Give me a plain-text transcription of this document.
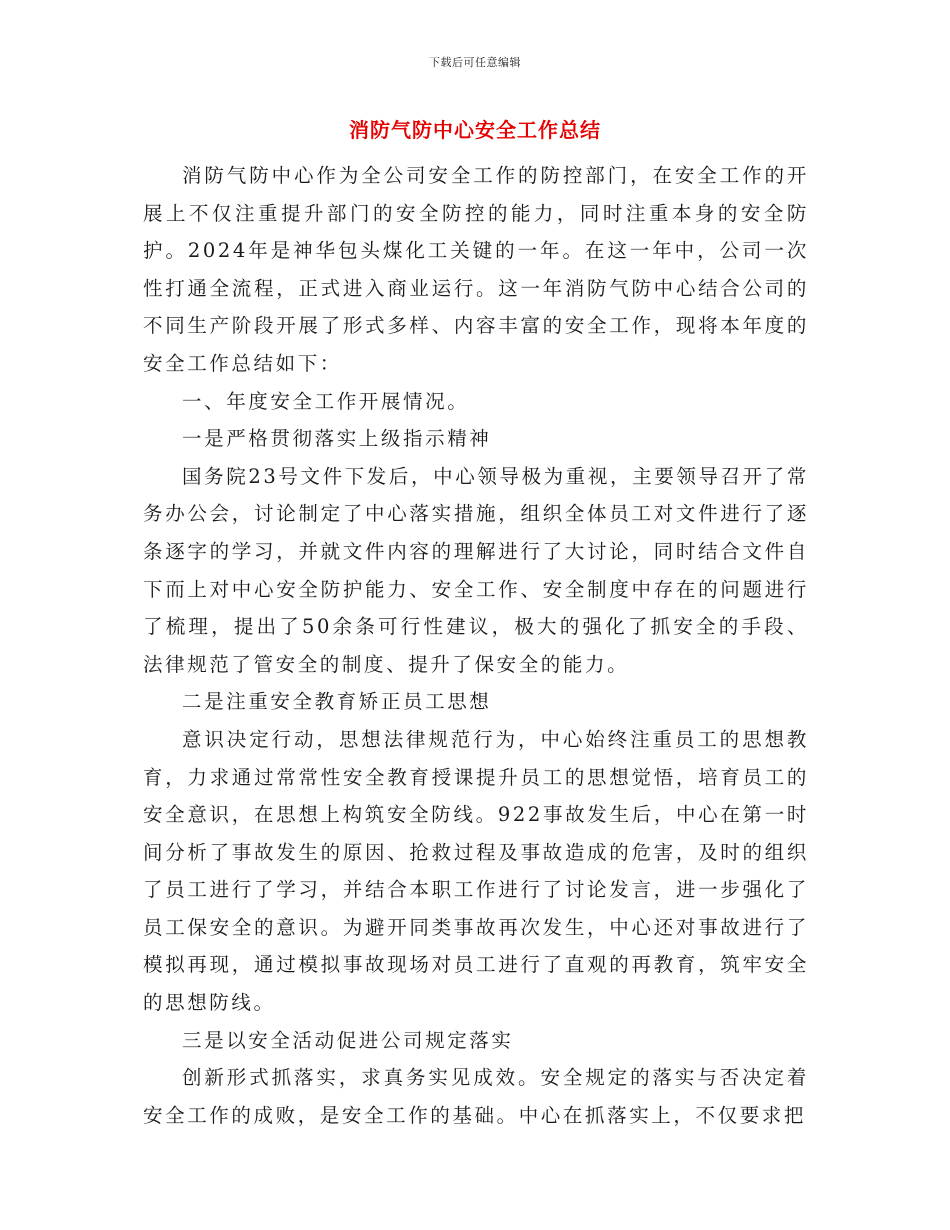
下载后可任意编辑
消防气防中心安全工作总结

消防气防中心作为全公司安全工作的防控部门，在安全工作的开展上不仅注重提升部门的安全防控的能力，同时注重本身的安全防护。2024年是神华包头煤化工关键的一年。在这一年中，公司一次性打通全流程，正式进入商业运行。这一年消防气防中心结合公司的不同生产阶段开展了形式多样、内容丰富的安全工作，现将本年度的安全工作总结如下：

一、年度安全工作开展情况。

一是严格贯彻落实上级指示精神

国务院23号文件下发后，中心领导极为重视，主要领导召开了常务办公会，讨论制定了中心落实措施，组织全体员工对文件进行了逐条逐字的学习，并就文件内容的理解进行了大讨论，同时结合文件自下而上对中心安全防护能力、安全工作、安全制度中存在的问题进行了梳理，提出了50余条可行性建议，极大的强化了抓安全的手段、法律规范了管安全的制度、提升了保安全的能力。

二是注重安全教育矫正员工思想

意识决定行动，思想法律规范行为，中心始终注重员工的思想教育，力求通过常常性安全教育授课提升员工的思想觉悟，培育员工的安全意识，在思想上构筑安全防线。922事故发生后，中心在第一时间分析了事故发生的原因、抢救过程及事故造成的危害，及时的组织了员工进行了学习，并结合本职工作进行了讨论发言，进一步强化了员工保安全的意识。为避开同类事故再次发生，中心还对事故进行了模拟再现，通过模拟事故现场对员工进行了直观的再教育，筑牢安全的思想防线。

三是以安全活动促进公司规定落实

创新形式抓落实，求真务实见成效。安全规定的落实与否决定着安全工作的成败，是安全工作的基础。中心在抓落实上，不仅要求把
